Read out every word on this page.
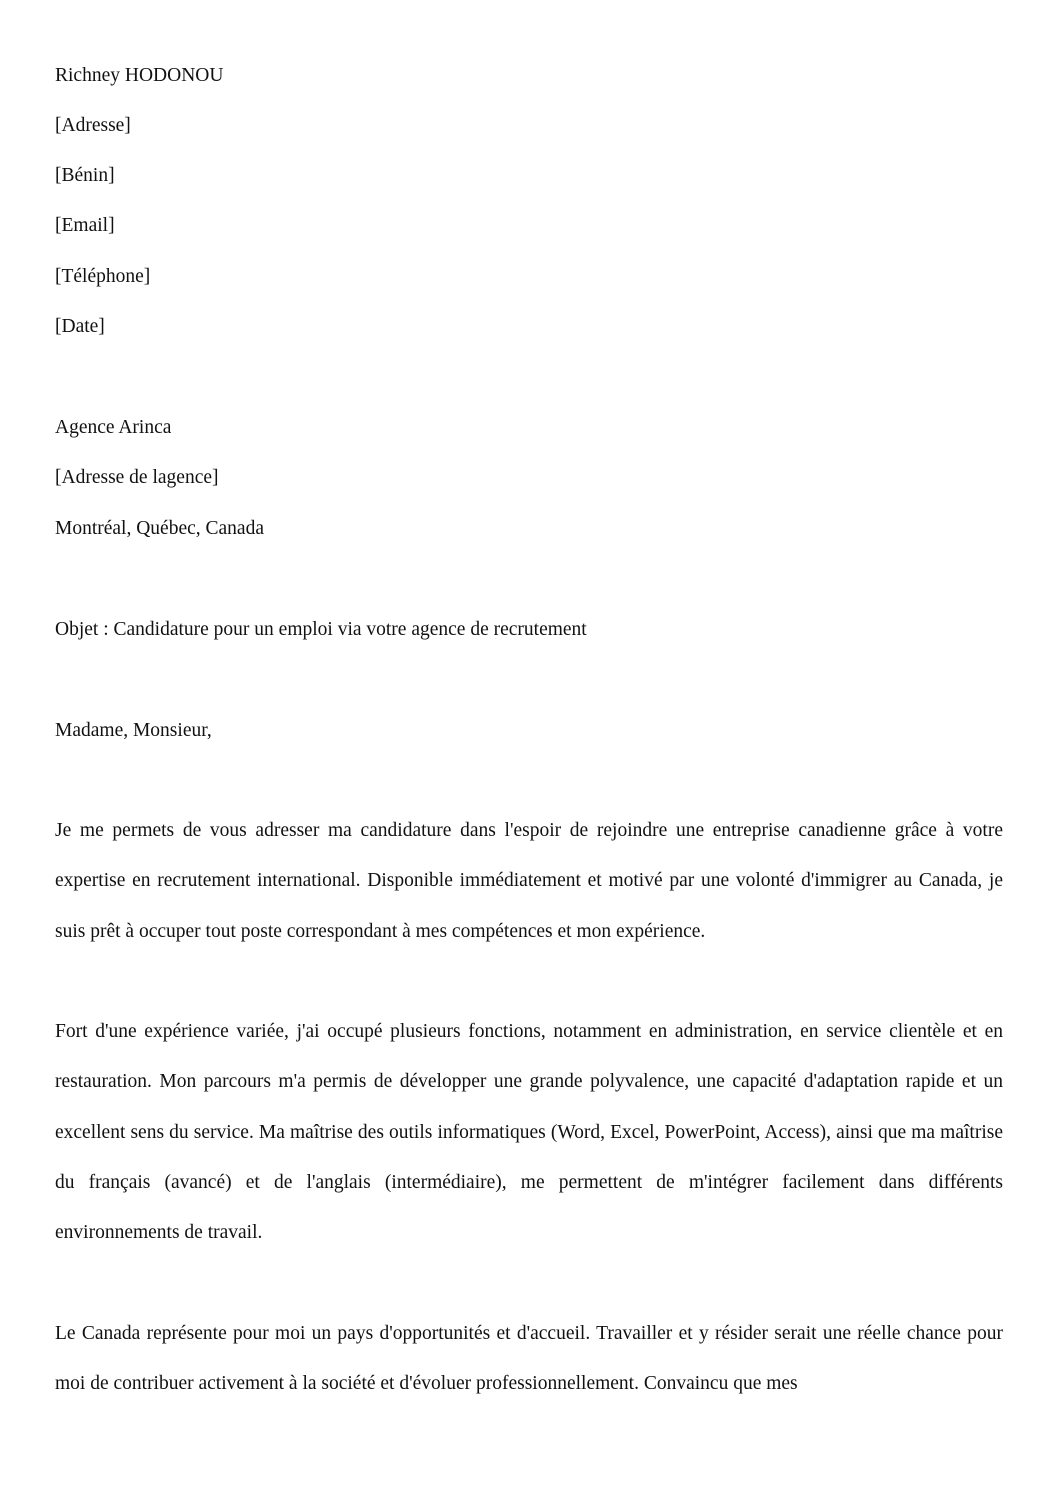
Richney HODONOU
[Adresse]
[Bénin]
[Email]
[Téléphone]
[Date]
Agence Arinca
[Adresse de lagence]
Montréal, Québec, Canada
Objet : Candidature pour un emploi via votre agence de recrutement
Madame, Monsieur,

Je me permets de vous adresser ma candidature dans l'espoir de rejoindre une entreprise canadienne grâce à votre expertise en recrutement international. Disponible immédiatement et motivé par une volonté d'immigrer au Canada, je suis prêt à occuper tout poste correspondant à mes compétences et mon expérience.

Fort d'une expérience variée, j'ai occupé plusieurs fonctions, notamment en administration, en service clientèle et en restauration. Mon parcours m'a permis de développer une grande polyvalence, une capacité d'adaptation rapide et un excellent sens du service. Ma maîtrise des outils informatiques (Word, Excel, PowerPoint, Access), ainsi que ma maîtrise du français (avancé) et de l'anglais (intermédiaire), me permettent de m'intégrer facilement dans différents environnements de travail.

Le Canada représente pour moi un pays d'opportunités et d'accueil. Travailler et y résider serait une réelle chance pour moi de contribuer activement à la société et d'évoluer professionnellement. Convaincu que mes
